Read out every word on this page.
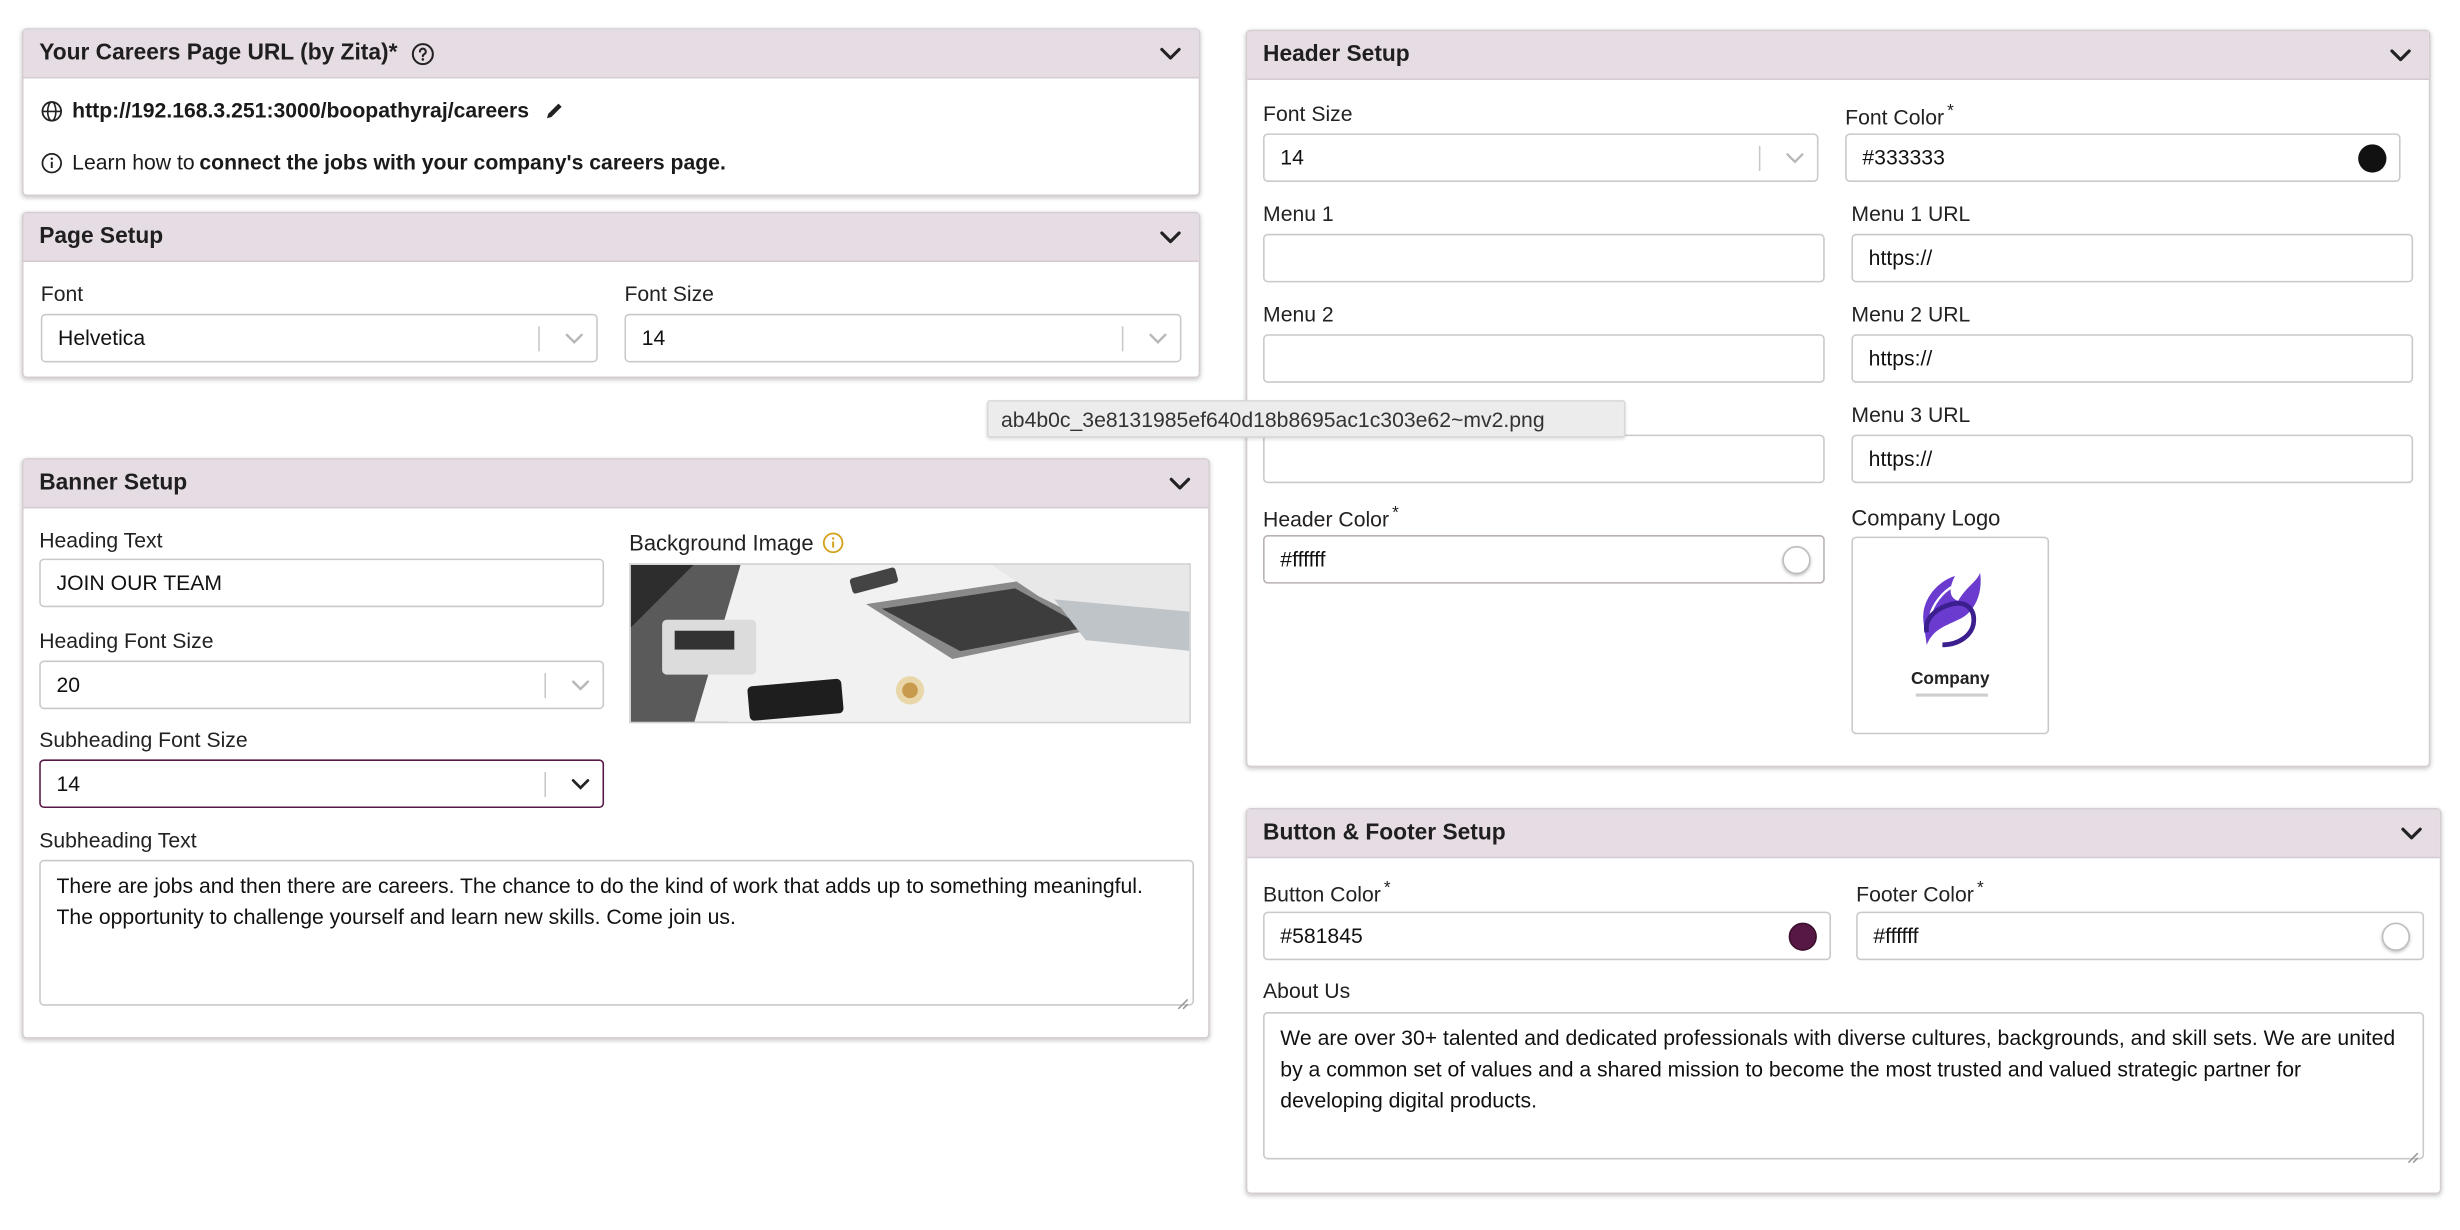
Your Careers Page URL (by Zita)*
http://192.168.3.251:3000/boopathyraj/careers
Learn how to connect the jobs with your company's careers page.
Page Setup
Font
Helvetica
Font Size
14
Banner Setup
Heading Text
JOIN OUR TEAM
Heading Font Size
20
Subheading Font Size
14
Background Image
Subheading Text
There are jobs and then there are careers. The chance to do the kind of work that adds up to something meaningful. The opportunity to challenge yourself and learn new skills. Come join us.
Header Setup
Font Size
14
Font Color *
#333333
Menu 1	Menu 1 URL
https://
Menu 2	Menu 2 URL
https://
Menu 3 URL
https://
Header Color *
#ffffff
Company Logo
Company
ab4b0c_3e8131985ef640d18b8695ac1c303e62~mv2.png
Button & Footer Setup
Button Color *
#581845
Footer Color *
#ffffff
About Us
We are over 30+ talented and dedicated professionals with diverse cultures, backgrounds, and skill sets. We are united by a common set of values and a shared mission to become the most trusted and valued strategic partner for developing digital products.
